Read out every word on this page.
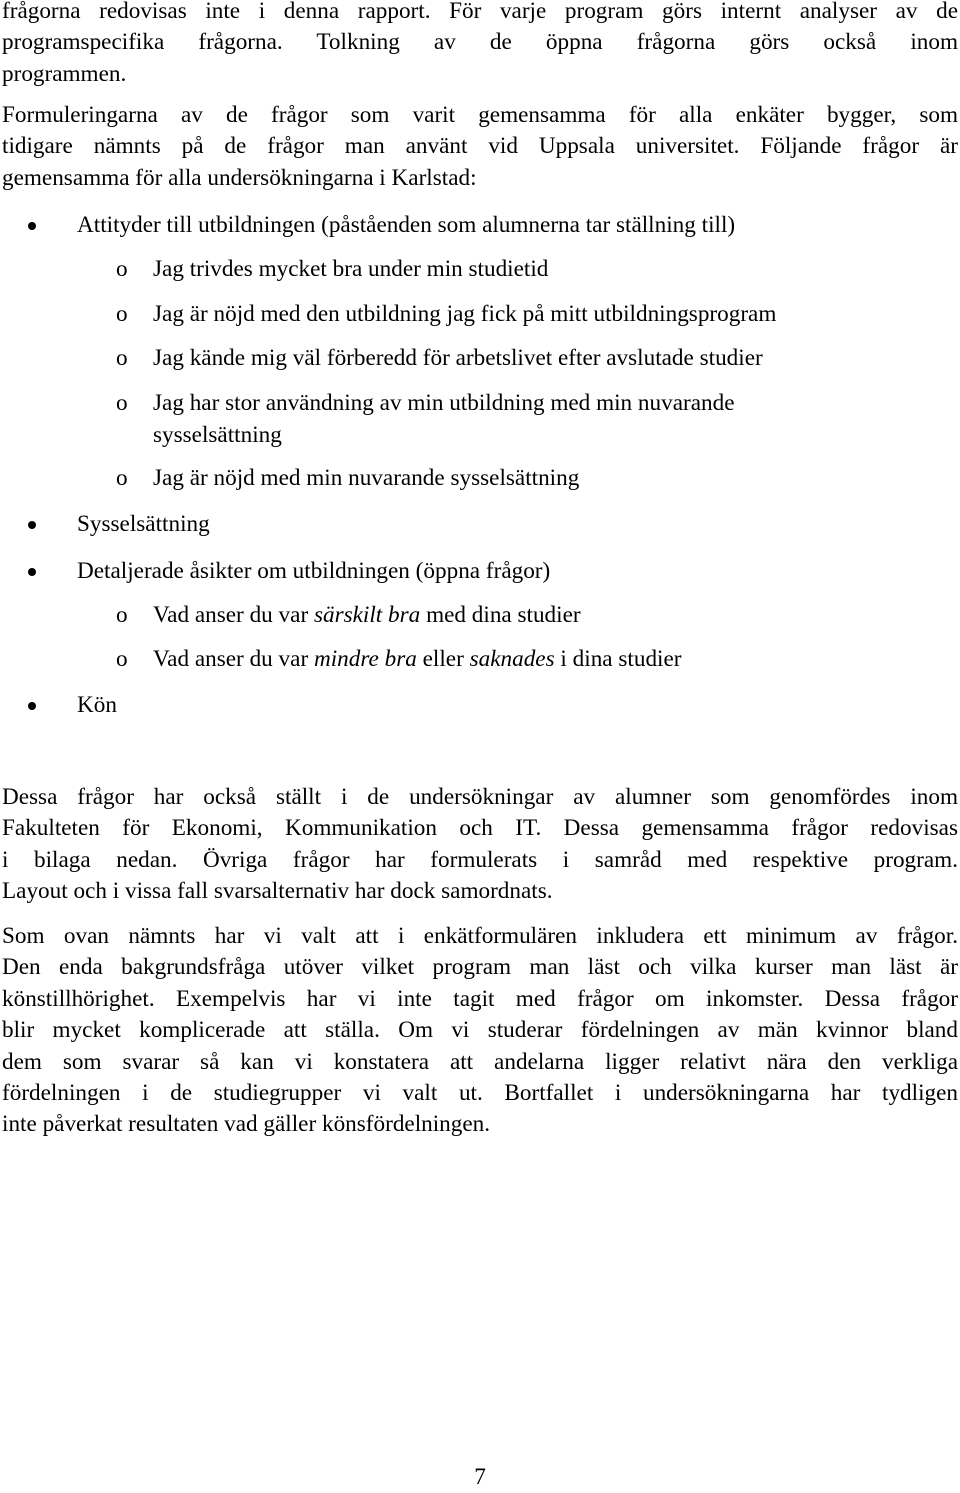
frågorna redovisas inte i denna rapport. För varje program görs internt analyser av de
programspecifika frågorna. Tolkning av de öppna frågorna görs också inom
programmen.

Formuleringarna av de frågor som varit gemensamma för alla enkäter bygger, som
tidigare nämnts på de frågor man använt vid Uppsala universitet. Följande frågor är
gemensamma för alla undersökningarna i Karlstad:

Attityder till utbildningen (påståenden som alumnerna tar ställning till)
o Jag trivdes mycket bra under min studietid
o Jag är nöjd med den utbildning jag fick på mitt utbildningsprogram
o Jag kände mig väl förberedd för arbetslivet efter avslutade studier
o Jag har stor användning av min utbildning med min nuvarande
sysselsättning
o Jag är nöjd med min nuvarande sysselsättning
Sysselsättning
Detaljerade åsikter om utbildningen (öppna frågor)
o Vad anser du var särskilt bra med dina studier
o Vad anser du var mindre bra eller saknades i dina studier
Kön

Dessa frågor har också ställt i de undersökningar av alumner som genomfördes inom
Fakulteten för Ekonomi, Kommunikation och IT. Dessa gemensamma frågor redovisas
i bilaga nedan. Övriga frågor har formulerats i samråd med respektive program.
Layout och i vissa fall svarsalternativ har dock samordnats.

Som ovan nämnts har vi valt att i enkätformulären inkludera ett minimum av frågor.
Den enda bakgrundsfråga utöver vilket program man läst och vilka kurser man läst är
könstillhörighet. Exempelvis har vi inte tagit med frågor om inkomster. Dessa frågor
blir mycket komplicerade att ställa. Om vi studerar fördelningen av män kvinnor bland
dem som svarar så kan vi konstatera att andelarna ligger relativt nära den verkliga
fördelningen i de studiegrupper vi valt ut. Bortfallet i undersökningarna har tydligen
inte påverkat resultaten vad gäller könsfördelningen.

7
